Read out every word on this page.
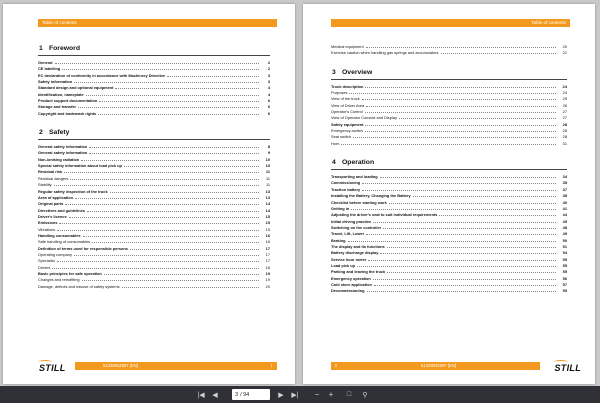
Table of contents
1 Foreword
General	2
CE labelling	2
EC declaration of conformity in accordance with Machinery Directive	3
Safety information	3
Standard design and optional equipment	4
Identification, nameplate	4
Product support documentation	6
Storage and transfer	6
Copyright and trademark rights	6
2 Safety
General safety information	8
General safety information	9
Non-ionising radiation	10
Special safety information about load pick up	10
Residual risk	11
Residual dangers	11
Stability	11
Regular safety inspection of the truck	13
Area of application	13
Original parts	14
Directives and guidelines	14
Driver's licence	15
Emissions	15
Vibrations	15
Handling consumables	16
Safe handling of consumables	16
Definition of terms used for responsible persons	17
Operating company	17
Specialist	17
Drivers	18
Basic principles for safe operation	19
Changes and retrofitting	19
Damage, defects and misuse of safety systems	20
51328042597 [EN]	I
STILL
Table of contents
Medical equipment	20
Exercise caution when handling gas springs and accumulators	21
3 Overview
Truck description	24
Purposes	24
View of the truck	25
View of Driver Area	26
Operator's Control	27
View of Operator Console and Display	27
Safety equipment	28
Emergency-switch	28
Seat switch	28
Horn	31
4 Operation
Transporting and loading	34
Commissioning	35
Traction battery	37
Installing the Battery, Changing the Battery	38
Checklist before starting work	40
Getting in	41
Adjusting the driver's seat to suit individual requirements	44
Initial driving practice	45
Switching on the controller	48
Travel, Lift, Lower	49
Braking	50
The display and its functions	51
Battery discharge display	54
Service hour meter	55
Load pick up	55
Parking and leaving the truck	55
Emergency operation	56
Cold store application	57
Decommissioning	59
II	51328042597 [EN]	STILL
|◀	◀	3 / 94	▶	▶|	−	+	□	⚲
